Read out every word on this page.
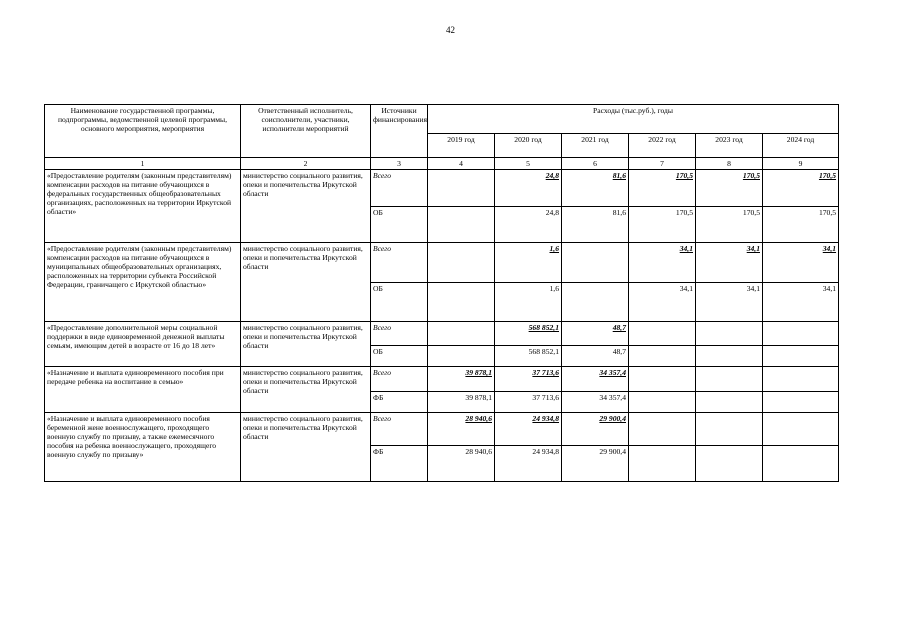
42
Наименование государственной программы, подпрограммы, ведомственной целевой программы, основного мероприятия, мероприятия	Ответственный исполнитель, соисполнители, участники, исполнители мероприятий	Источники финансирования	Расходы (тыс.руб.), годы					
			2019 год	2020 год	2021 год	2022 год	2023 год	2024 год
1	2	3	4	5	6	7	8	9
«Предоставление родителям (законным представителям) компенсации расходов на питание обучающихся в федеральных государственных общеобразовательных организациях, расположенных на территории Иркутской области»	министерство социального развития, опеки и попечительства Иркутской области	Всего		24,8	81,6	170,5	170,5	170,5
		ОБ		24,8	81,6	170,5	170,5	170,5
«Предоставление родителям (законным представителям) компенсации расходов на питание обучающихся в муниципальных общеобразовательных организациях, расположенных на территории субъекта Российской Федерации, граничащего с Иркутской областью»	министерство социального развития, опеки и попечительства Иркутской области	Всего		1,6		34,1	34,1	34,1
		ОБ		1,6		34,1	34,1	34,1
«Предоставление дополнительной меры социальной поддержки в виде единовременной денежной выплаты семьям, имеющим детей в возрасте от 16 до 18 лет»	министерство социального развития, опеки и попечительства Иркутской области	Всего		568 852,1	48,7			
		ОБ		568 852,1	48,7			
«Назначение и выплата единовременного пособия при передаче ребенка на воспитание в семью»	министерство социального развития, опеки и попечительства Иркутской области	Всего	39 878,1	37 713,6	34 357,4			
		ФБ	39 878,1	37 713,6	34 357,4			
«Назначение и выплата единовременного пособия беременной жене военнослужащего, проходящего военную службу по призыву, а также ежемесячного пособия на ребенка военнослужащего, проходящего военную службу по призыву»	министерство социального развития, опеки и попечительства Иркутской области	Всего	28 940,6	24 934,8	29 900,4			
		ФБ	28 940,6	24 934,8	29 900,4			
